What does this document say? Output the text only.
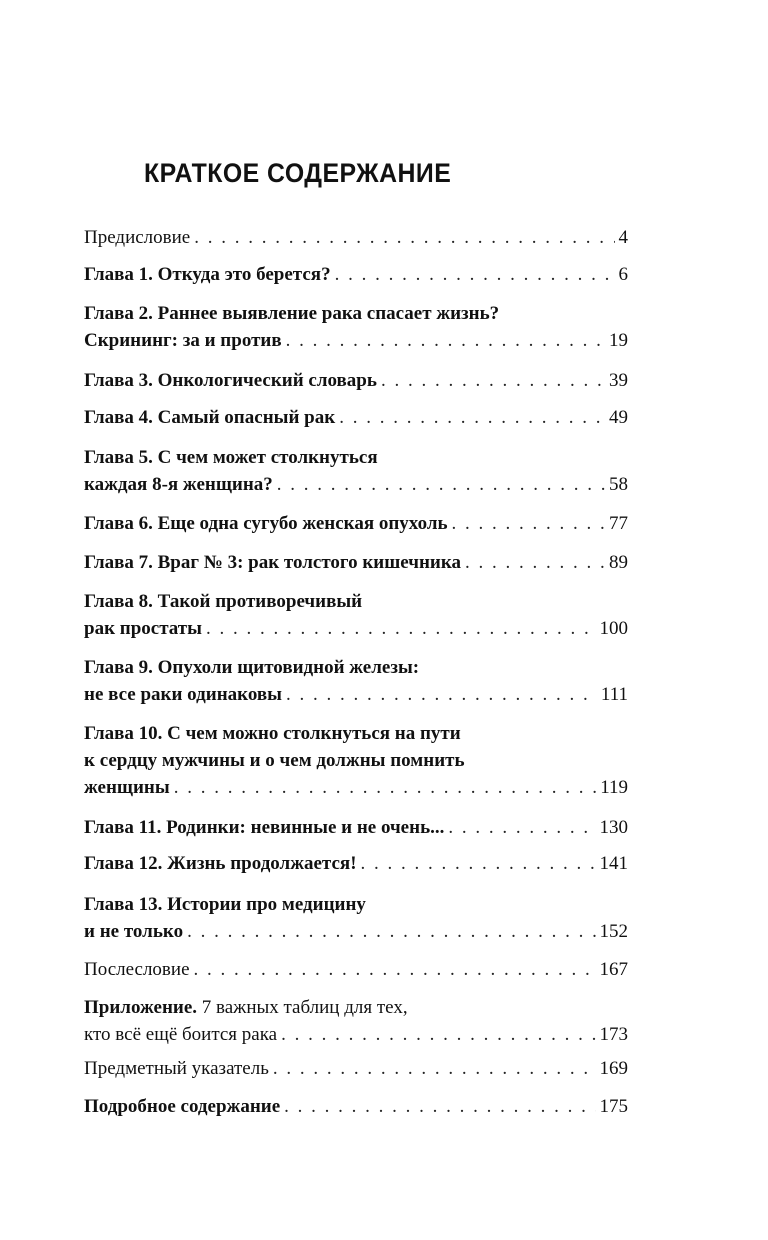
КРАТКОЕ СОДЕРЖАНИЕ
Предисловие . . .	4
Глава 1. Откуда это берется? . . .	6
Глава 2. Раннее выявление рака спасает жизнь?
Скрининг: за и против . . .	19
Глава 3. Онкологический словарь . . .	39
Глава 4. Самый опасный рак . . .	49
Глава 5. С чем может столкнуться
каждая 8-я женщина? . . .	58
Глава 6. Еще одна сугубо женская опухоль . . .	77
Глава 7. Враг № 3: рак толстого кишечника . . .	89
Глава 8. Такой противоречивый
рак простаты . . .	100
Глава 9. Опухоли щитовидной железы:
не все раки одинаковы . . .	111
Глава 10. С чем можно столкнуться на пути
к сердцу мужчины и о чем должны помнить
женщины . . .	119
Глава 11. Родинки: невинные и не очень... . . .	130
Глава 12. Жизнь продолжается! . . .	141
Глава 13. Истории про медицину
и не только . . .	152
Послесловие . . .	167
Приложение. 7 важных таблиц для тех,
кто всё ещё боится рака . . .	173
Предметный указатель . . .	169
Подробное содержание . . .	175
